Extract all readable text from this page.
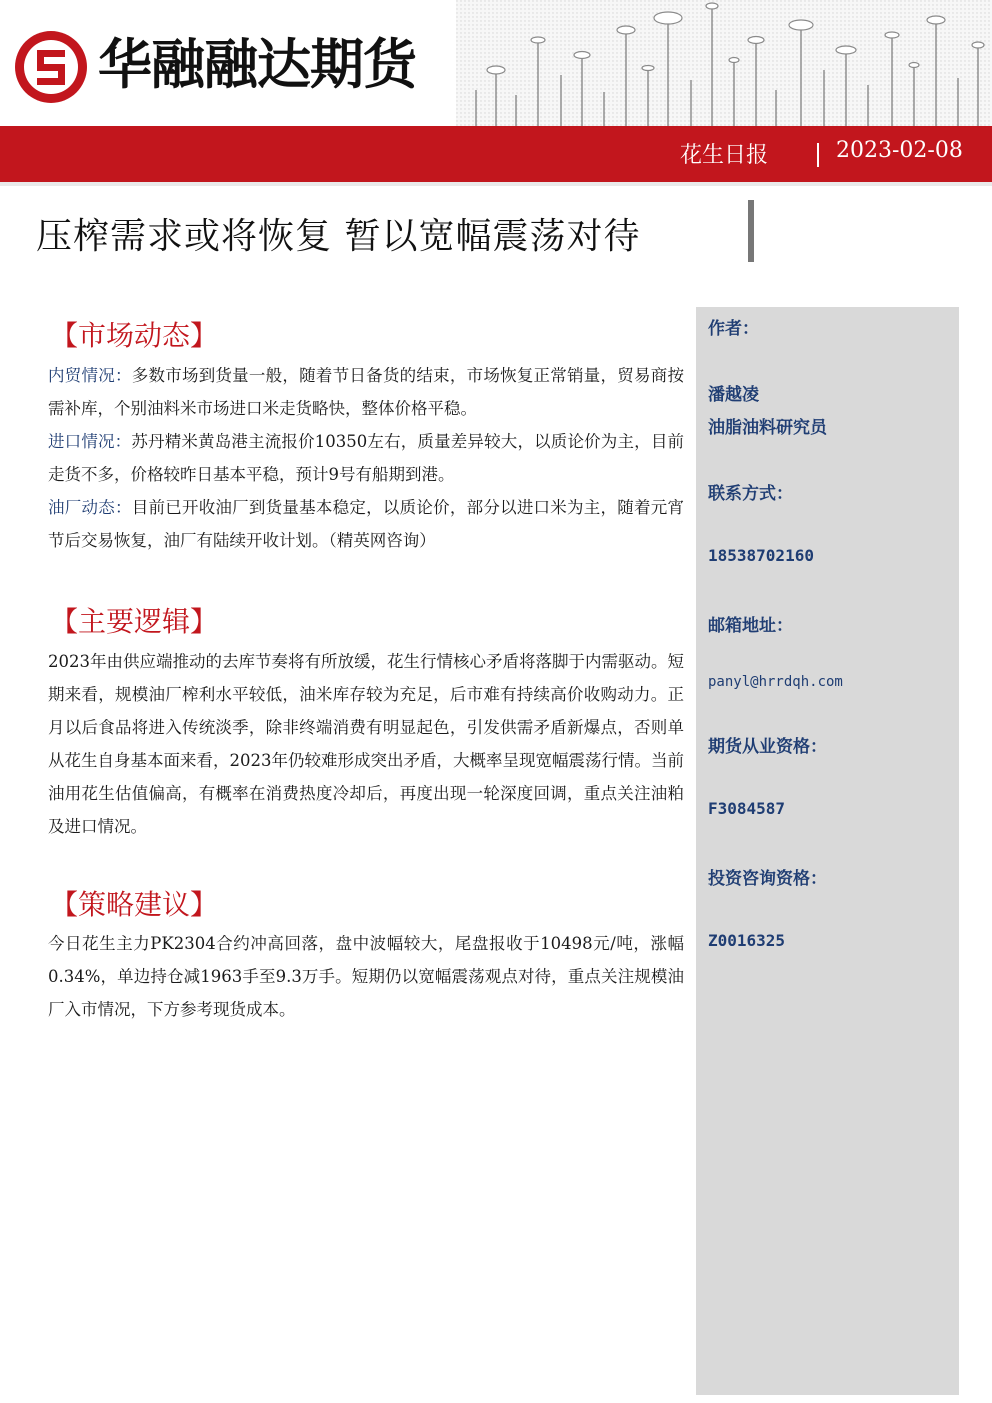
华融融达期货
花生日报	2023-02-08
压榨需求或将恢复 暂以宽幅震荡对待
作者：
潘越凌
油脂油料研究员
联系方式：
18538702160
邮箱地址：
panyl@hrrdqh.com
期货从业资格：
F3084587
投资咨询资格：
Z0016325
【市场动态】
内贸情况：多数市场到货量一般，随着节日备货的结束，市场恢复正常销量，贸易商按需补库，个别油料米市场进口米走货略快，整体价格平稳。
进口情况：苏丹精米黄岛港主流报价10350左右，质量差异较大，以质论价为主，目前走货不多，价格较昨日基本平稳，预计9号有船期到港。
油厂动态：目前已开收油厂到货量基本稳定，以质论价，部分以进口米为主，随着元宵节后交易恢复，油厂有陆续开收计划。（精英网咨询）
【主要逻辑】
2023年由供应端推动的去库节奏将有所放缓，花生行情核心矛盾将落脚于内需驱动。短期来看，规模油厂榨利水平较低，油米库存较为充足，后市难有持续高价收购动力。正月以后食品将进入传统淡季，除非终端消费有明显起色，引发供需矛盾新爆点，否则单从花生自身基本面来看，2023年仍较难形成突出矛盾，大概率呈现宽幅震荡行情。当前油用花生估值偏高，有概率在消费热度冷却后，再度出现一轮深度回调，重点关注油粕及进口情况。
【策略建议】
今日花生主力PK2304合约冲高回落，盘中波幅较大，尾盘报收于10498元/吨，涨幅0.34%，单边持仓减1963手至9.3万手。短期仍以宽幅震荡观点对待，重点关注规模油厂入市情况，下方参考现货成本。
